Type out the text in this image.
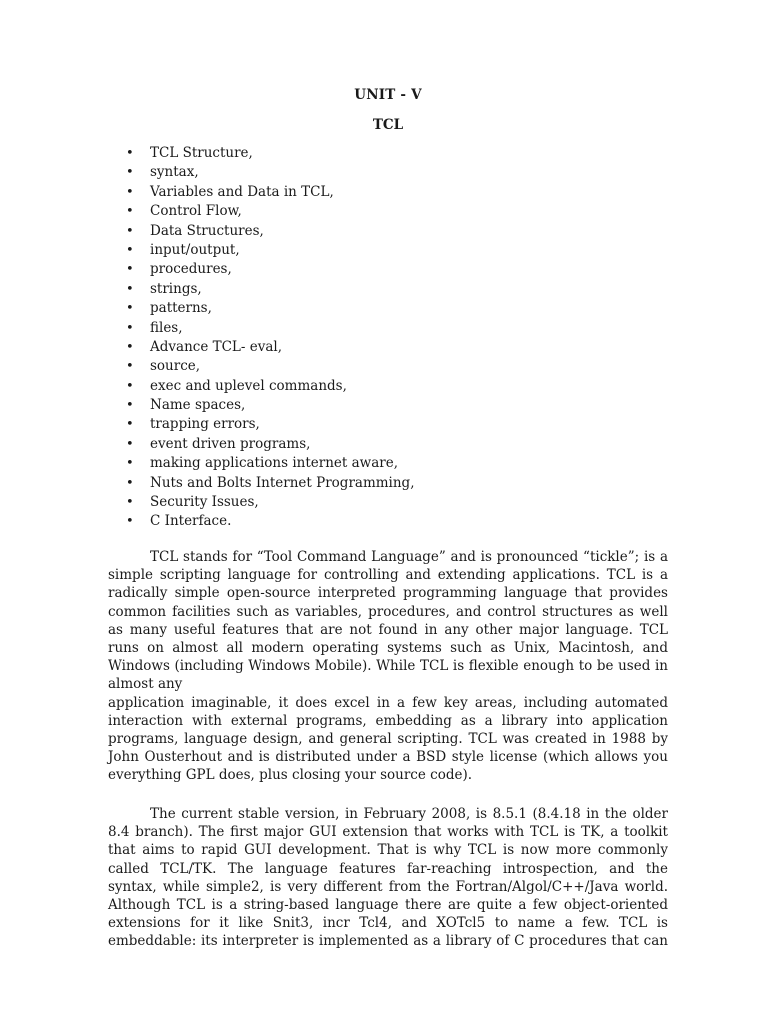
UNIT - V
TCL
• TCL Structure,
• syntax,
• Variables and Data in TCL,
• Control Flow,
• Data Structures,
• input/output,
• procedures,
• strings,
• patterns,
• files,
• Advance TCL- eval,
• source,
• exec and uplevel commands,
• Name spaces,
• trapping errors,
• event driven programs,
• making applications internet aware,
• Nuts and Bolts Internet Programming,
• Security Issues,
• C Interface.

TCL stands for “Tool Command Language” and is pronounced “tickle”; is a
simple scripting language for controlling and extending applications. TCL is a
radically simple open-source interpreted programming language that provides
common facilities such as variables, procedures, and control structures as well
as many useful features that are not found in any other major language. TCL
runs on almost all modern operating systems such as Unix, Macintosh, and
Windows (including Windows Mobile). While TCL is flexible enough to be used in
almost any
application imaginable, it does excel in a few key areas, including automated
interaction with external programs, embedding as a library into application
programs, language design, and general scripting. TCL was created in 1988 by
John Ousterhout and is distributed under a BSD style license (which allows you
everything GPL does, plus closing your source code).

The current stable version, in February 2008, is 8.5.1 (8.4.18 in the older
8.4 branch). The first major GUI extension that works with TCL is TK, a toolkit
that aims to rapid GUI development. That is why TCL is now more commonly
called TCL/TK. The language features far-reaching introspection, and the
syntax, while simple2, is very different from the Fortran/Algol/C++/Java world.
Although TCL is a string-based language there are quite a few object-oriented
extensions for it like Snit3, incr Tcl4, and XOTcl5 to name a few. TCL is
embeddable: its interpreter is implemented as a library of C procedures that can
